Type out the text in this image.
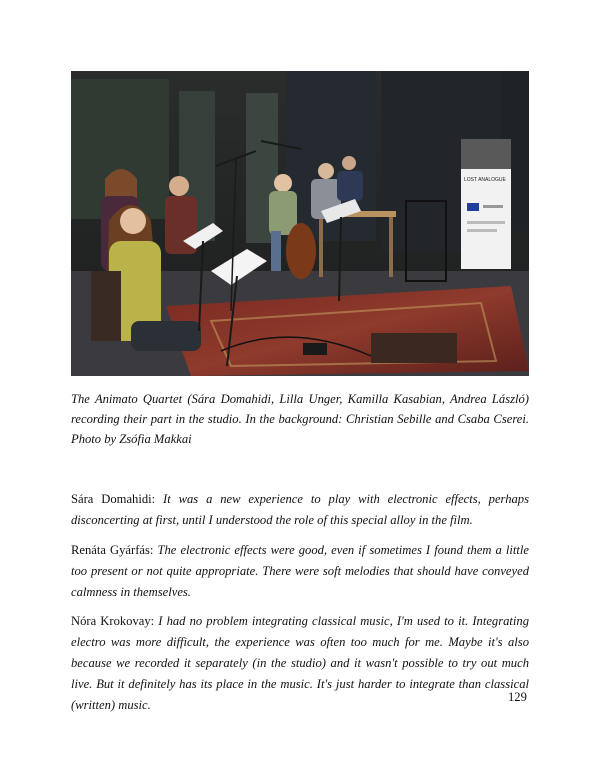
LOST ANALOGUE
The Animato Quartet (Sára Domahidi, Lilla Unger, Kamilla Kasabian, Andrea László) recording their part in the studio. In the background: Christian Sebille and Csaba Cserei. Photo by Zsófia Makkai
Sára Domahidi: It was a new experience to play with electronic effects, perhaps disconcerting at first, until I understood the role of this special alloy in the film.
Renáta Gyárfás: The electronic effects were good, even if sometimes I found them a little too present or not quite appropriate. There were soft melodies that should have conveyed calmness in themselves.
Nóra Krokovay: I had no problem integrating classical music, I'm used to it. Integrating electro was more difficult, the experience was often too much for me. Maybe it's also because we recorded it separately (in the studio) and it wasn't possible to try out much live. But it definitely has its place in the music. It's just harder to integrate than classical (written) music.
129
